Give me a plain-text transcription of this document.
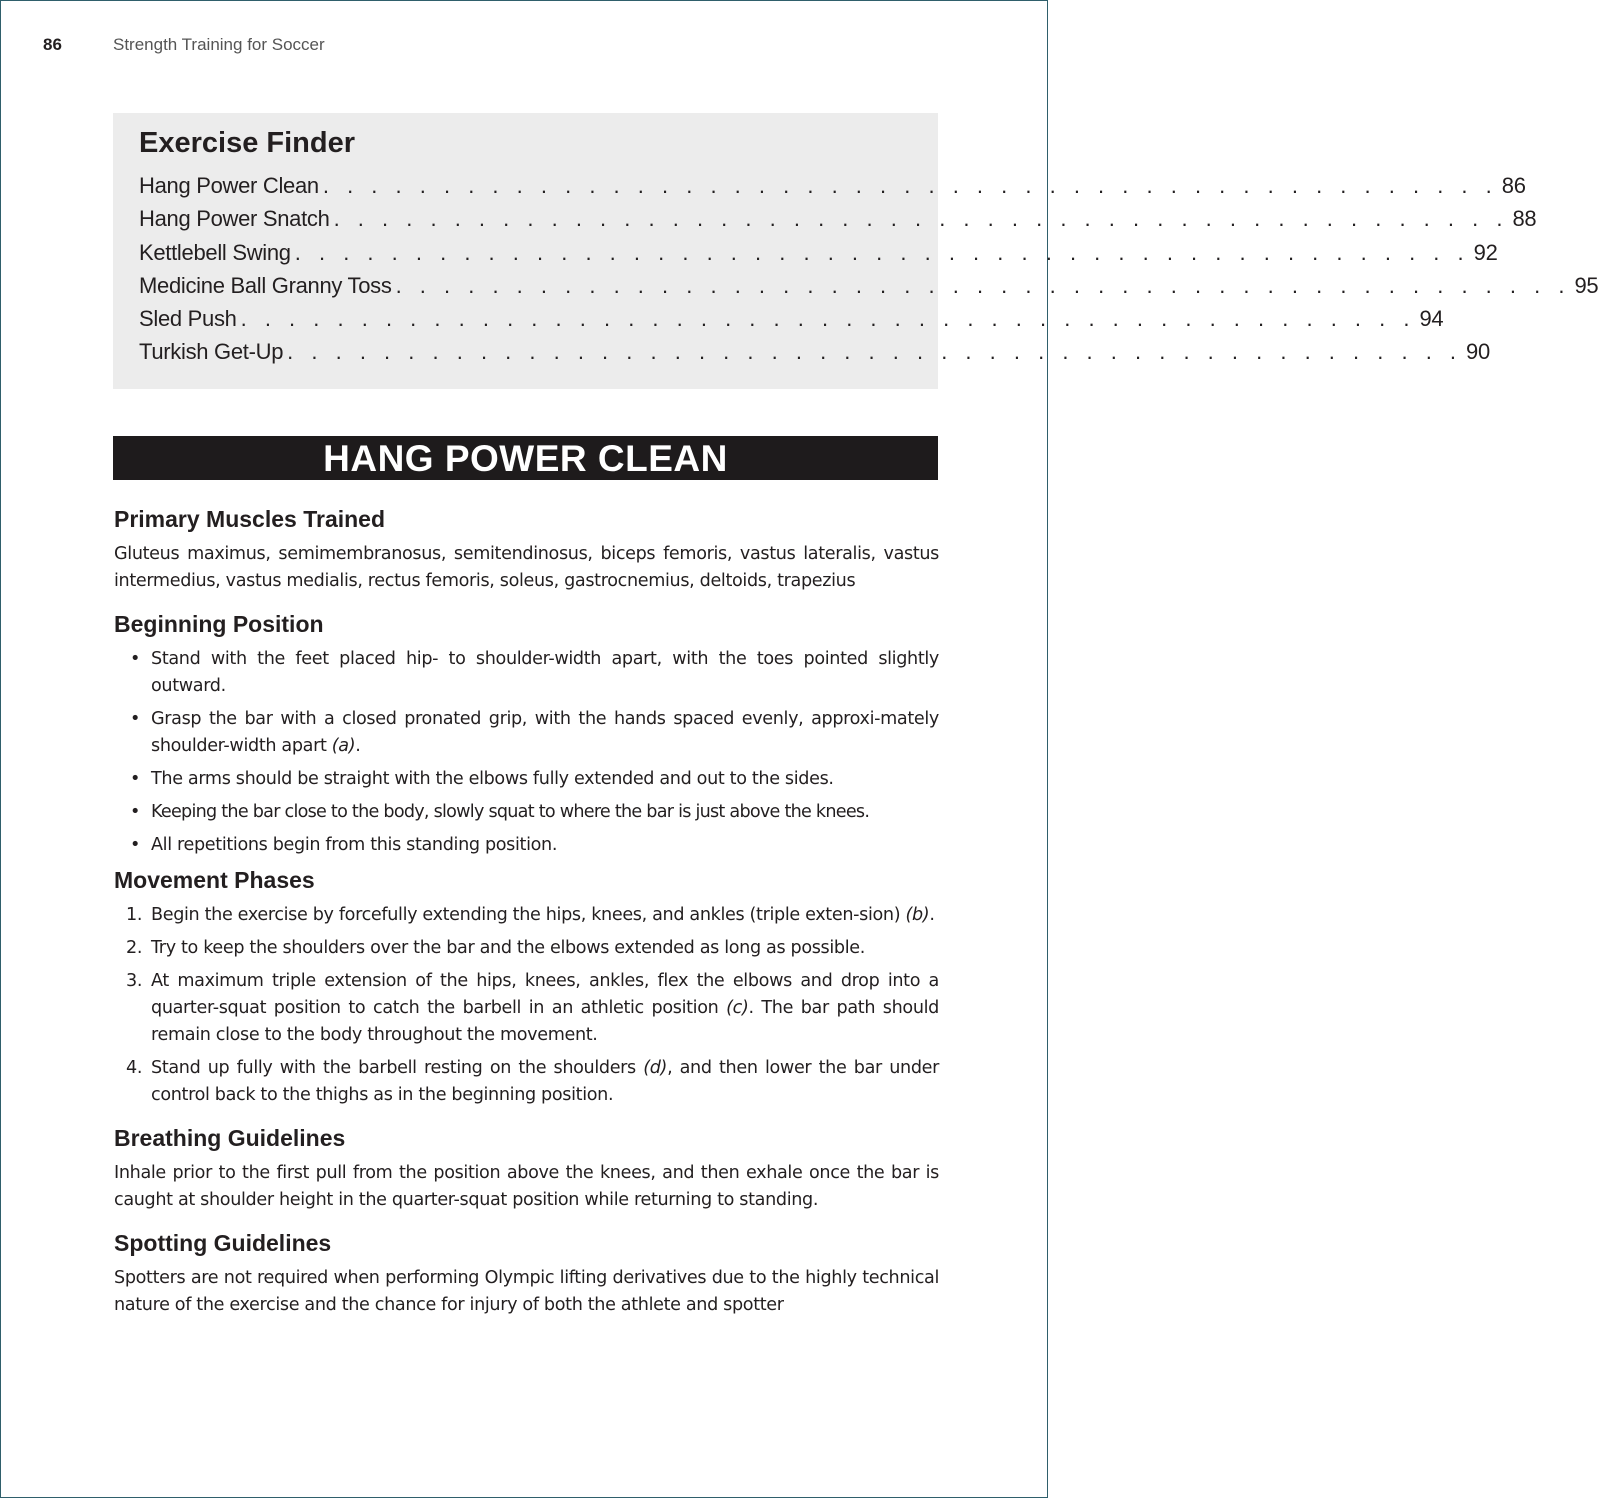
86	Strength Training for Soccer
Exercise Finder
Hang Power Clean . . . . . . . . . . . . . . . . . . . . . . . . . . . . . . . . . . . . . . . . . . . . . . . . . 86
Hang Power Snatch . . . . . . . . . . . . . . . . . . . . . . . . . . . . . . . . . . . . . . . . . . . . . . . . . 88
Kettlebell Swing . . . . . . . . . . . . . . . . . . . . . . . . . . . . . . . . . . . . . . . . . . . . . . . . . 92
Medicine Ball Granny Toss . . . . . . . . . . . . . . . . . . . . . . . . . . . . . . . . . . . . . . . . . . . . . . . . . 95
Sled Push . . . . . . . . . . . . . . . . . . . . . . . . . . . . . . . . . . . . . . . . . . . . . . . . . 94
Turkish Get-Up . . . . . . . . . . . . . . . . . . . . . . . . . . . . . . . . . . . . . . . . . . . . . . . . . 90
HANG POWER CLEAN
Primary Muscles Trained

Gluteus maximus, semimembranosus, semitendinosus, biceps femoris, vastus lateralis, vastus intermedius, vastus medialis, rectus femoris, soleus, gastrocnemius, deltoids, trapezius

Beginning Position
• Stand with the feet placed hip- to shoulder-width apart, with the toes pointed slightly outward.
• Grasp the bar with a closed pronated grip, with the hands spaced evenly, approxi-mately shoulder-width apart (a).
• The arms should be straight with the elbows fully extended and out to the sides.
• Keeping the bar close to the body, slowly squat to where the bar is just above the knees.
• All repetitions begin from this standing position.
Movement Phases
1. Begin the exercise by forcefully extending the hips, knees, and ankles (triple exten-sion) (b).
2. Try to keep the shoulders over the bar and the elbows extended as long as possible.
3. At maximum triple extension of the hips, knees, ankles, flex the elbows and drop into a quarter-squat position to catch the barbell in an athletic position (c). The bar path should remain close to the body throughout the movement.
4. Stand up fully with the barbell resting on the shoulders (d), and then lower the bar under control back to the thighs as in the beginning position.
Breathing Guidelines

Inhale prior to the first pull from the position above the knees, and then exhale once the bar is caught at shoulder height in the quarter-squat position while returning to standing.

Spotting Guidelines

Spotters are not required when performing Olympic lifting derivatives due to the highly technical nature of the exercise and the chance for injury of both the athlete and spotter
